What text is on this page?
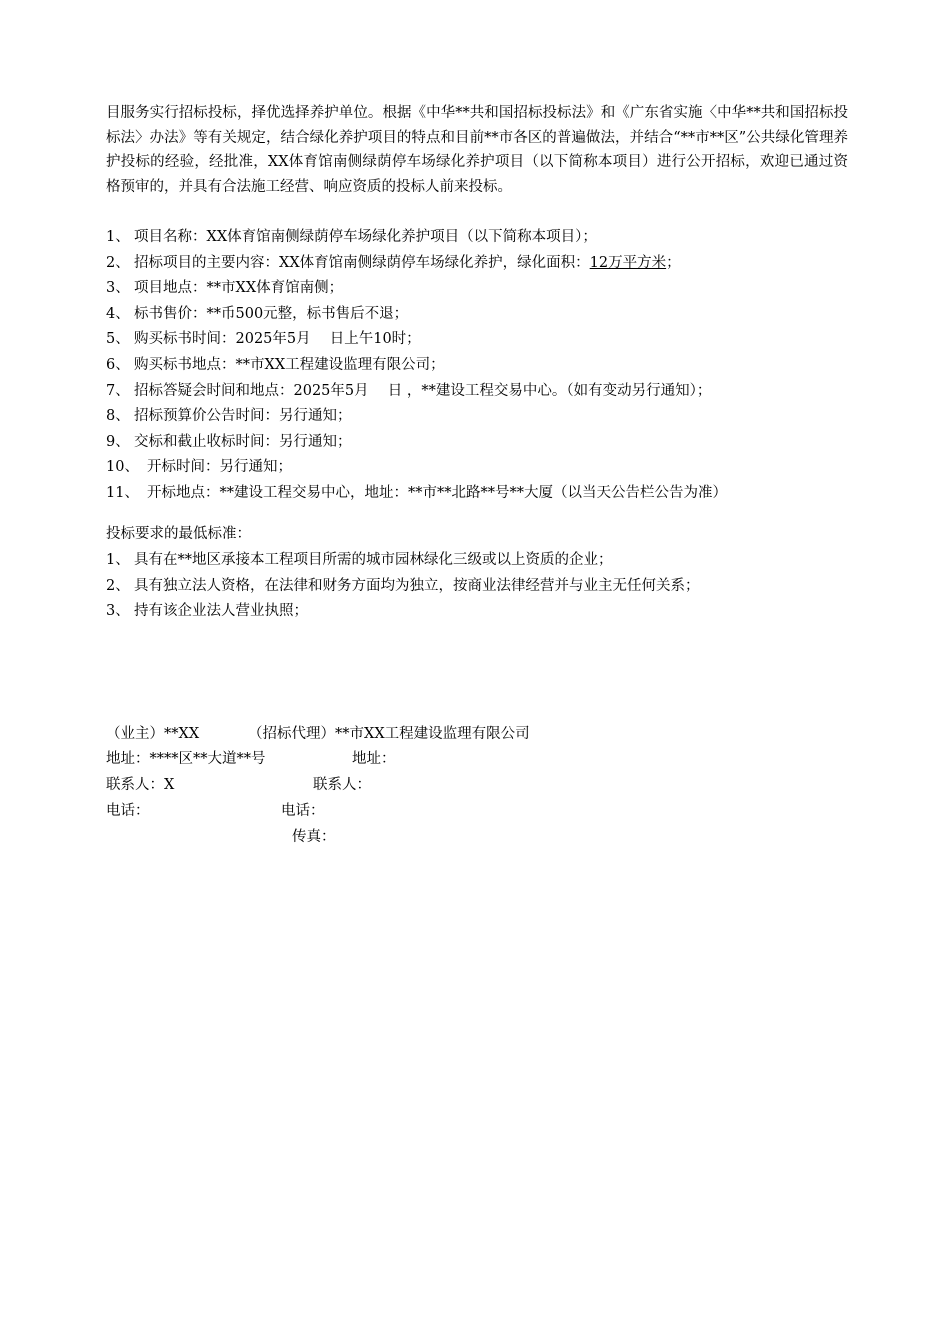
目服务实行招标投标，择优选择养护单位。根据《中华**共和国招标投标法》和《广东省实施〈中华**共和国招标投标法〉办法》等有关规定，结合绿化养护项目的特点和目前**市各区的普遍做法，并结合“**市**区”公共绿化管理养护投标的经验，经批准，XX体育馆南侧绿荫停车场绿化养护项目（以下简称本项目）进行公开招标，欢迎已通过资格预审的，并具有合法施工经营、响应资质的投标人前来投标。

1、 项目名称：XX体育馆南侧绿荫停车场绿化养护项目（以下简称本项目）；
2、 招标项目的主要内容：XX体育馆南侧绿荫停车场绿化养护，绿化面积：12万平方米；
3、 项目地点：**市XX体育馆南侧；
4、 标书售价：**币500元整，标书售后不退；
5、 购买标书时间：2025年5月　 日上午10时；
6、 购买标书地点：**市XX工程建设监理有限公司；
7、 招标答疑会时间和地点：2025年5月　 日 ，**建设工程交易中心。（如有变动另行通知）；
8、 招标预算价公告时间：另行通知；
9、 交标和截止收标时间：另行通知；
10、 开标时间：另行通知；
11、 开标地点：**建设工程交易中心，地址：**市**北路**号**大厦（以当天公告栏公告为准）

投标要求的最低标准：

1、 具有在**地区承接本工程项目所需的城市园林绿化三级或以上资质的企业；
2、 具有独立法人资格，在法律和财务方面均为独立，按商业法律经营并与业主无任何关系；
3、 持有该企业法人营业执照；
（业主）**XX	（招标代理）**市XX工程建设监理有限公司
地址：****区**大道**号	地址：
联系人：X	联系人：
电话：	电话：
传真：
